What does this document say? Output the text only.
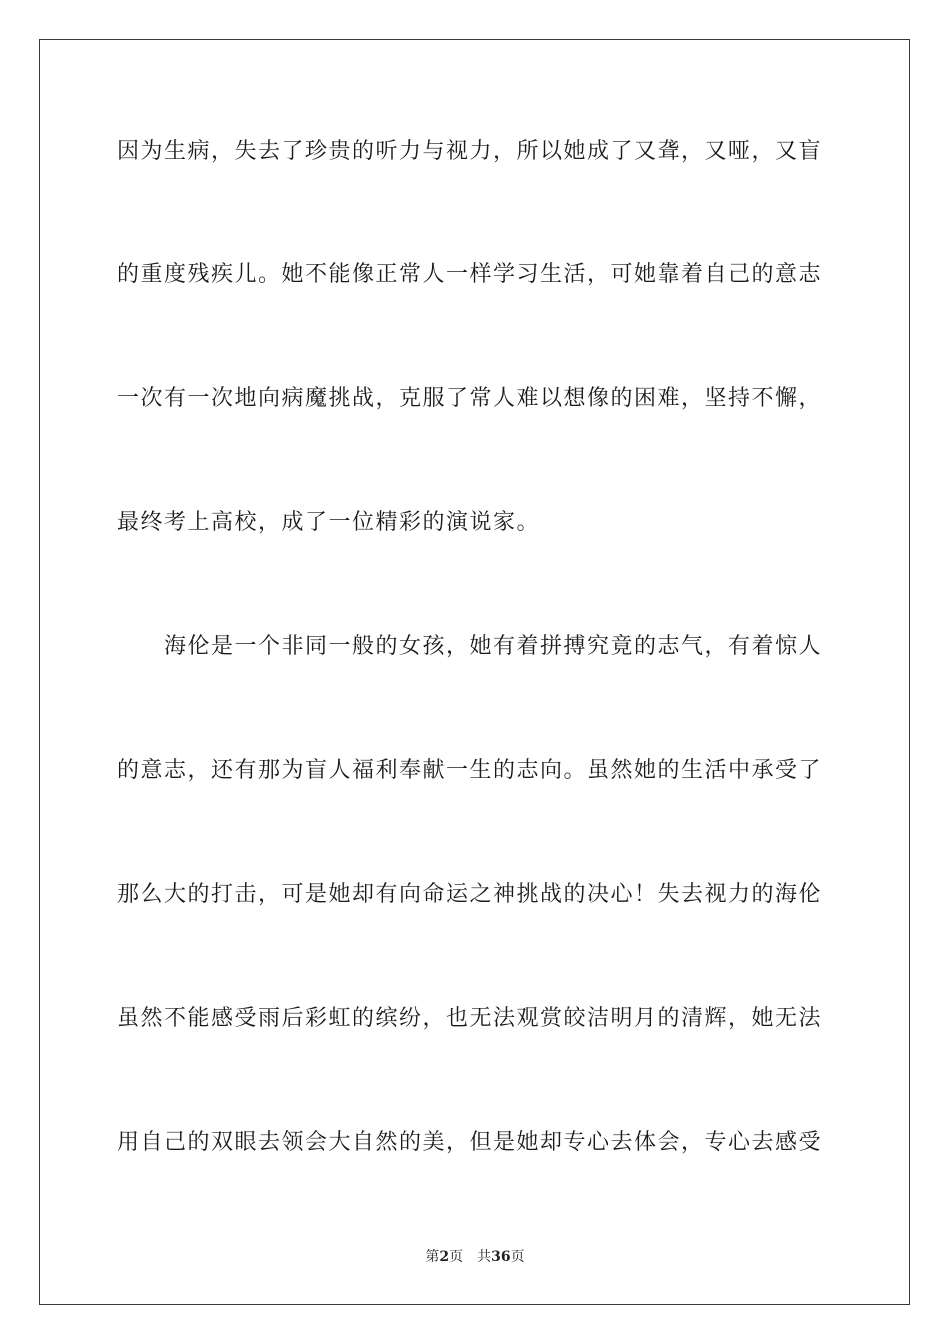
因为生病，失去了珍贵的听力与视力，所以她成了又聋，又哑，又盲
的重度残疾儿。她不能像正常人一样学习生活，可她靠着自己的意志
一次有一次地向病魔挑战，克服了常人难以想像的困难，坚持不懈，
最终考上高校，成了一位精彩的演说家。
海伦是一个非同一般的女孩，她有着拼搏究竟的志气，有着惊人
的意志，还有那为盲人福利奉献一生的志向。虽然她的生活中承受了
那么大的打击，可是她却有向命运之神挑战的决心！失去视力的海伦
虽然不能感受雨后彩虹的缤纷，也无法观赏皎洁明月的清辉，她无法
用自己的双眼去领会大自然的美，但是她却专心去体会，专心去感受
第2页 共36页
